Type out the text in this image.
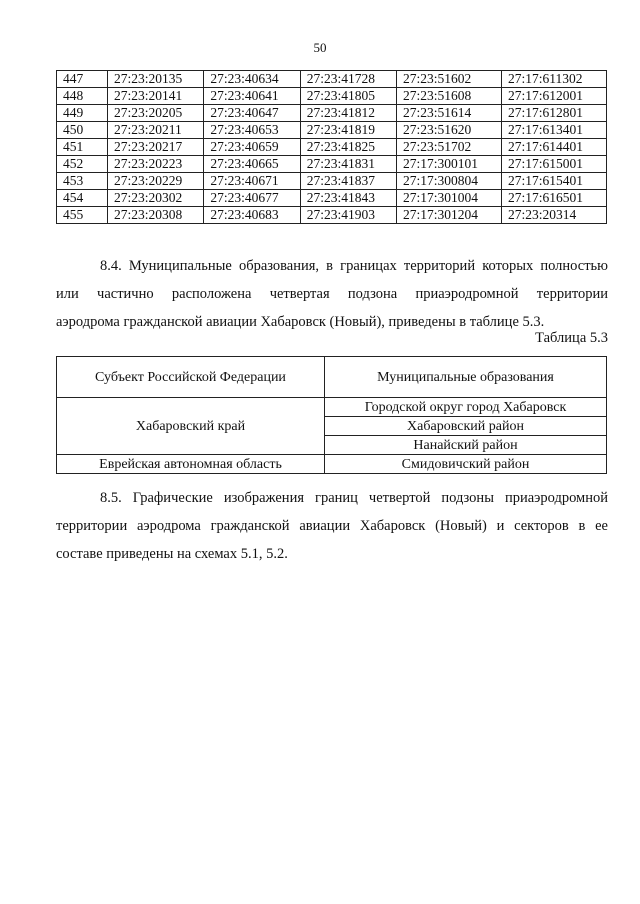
50
447	27:23:20135	27:23:40634	27:23:41728	27:23:51602	27:17:611302
448	27:23:20141	27:23:40641	27:23:41805	27:23:51608	27:17:612001
449	27:23:20205	27:23:40647	27:23:41812	27:23:51614	27:17:612801
450	27:23:20211	27:23:40653	27:23:41819	27:23:51620	27:17:613401
451	27:23:20217	27:23:40659	27:23:41825	27:23:51702	27:17:614401
452	27:23:20223	27:23:40665	27:23:41831	27:17:300101	27:17:615001
453	27:23:20229	27:23:40671	27:23:41837	27:17:300804	27:17:615401
454	27:23:20302	27:23:40677	27:23:41843	27:17:301004	27:17:616501
455	27:23:20308	27:23:40683	27:23:41903	27:17:301204	27:23:20314
8.4. Муниципальные образования, в границах территорий которых полностью
или частично расположена четвертая подзона приаэродромной территории
аэродрома гражданской авиации Хабаровск (Новый), приведены в таблице 5.3.
Таблица 5.3
Субъект Российской Федерации	Муниципальные образования
Хабаровский край	Городской округ город Хабаровск
	Хабаровский район
	Нанайский район
Еврейская автономная область	Смидовичский район
8.5. Графические изображения границ четвертой подзоны приаэродромной
территории аэродрома гражданской авиации Хабаровск (Новый) и секторов в ее
составе приведены на схемах 5.1, 5.2.
